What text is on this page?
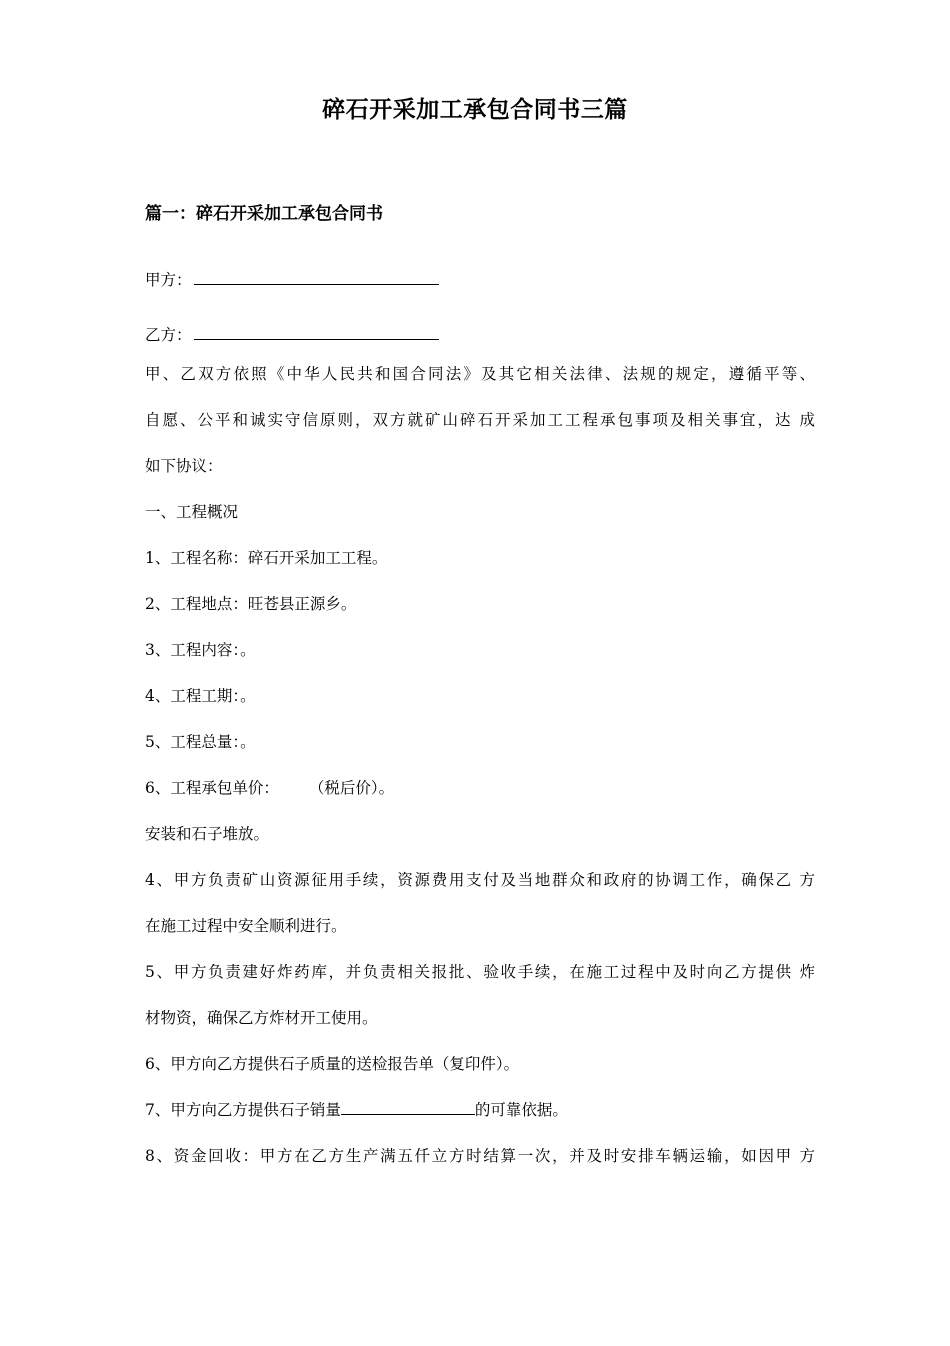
碎石开采加工承包合同书三篇
篇一：碎石开采加工承包合同书
甲方：
乙方：
甲、乙双方依照《中华人民共和国合同法》及其它相关法律、法规的规定，遵循平等、
自愿、公平和诚实守信原则，双方就矿山碎石开采加工工程承包事项及相关事宜，达 成
如下协议：
一、工程概况
1、工程名称：碎石开采加工工程。
2、工程地点：旺苍县正源乡。
3、工程内容：。
4、工程工期：。
5、工程总量：。
6、工程承包单价： （税后价）。
安装和石子堆放。
4、甲方负责矿山资源征用手续，资源费用支付及当地群众和政府的协调工作，确保乙 方
在施工过程中安全顺利进行。
5、甲方负责建好炸药库，并负责相关报批、验收手续，在施工过程中及时向乙方提供 炸
材物资，确保乙方炸材开工使用。
6、甲方向乙方提供石子质量的送检报告单（复印件）。
7、甲方向乙方提供石子销量	的可靠依据。
8、资金回收：甲方在乙方生产满五仟立方时结算一次，并及时安排车辆运输，如因甲 方
